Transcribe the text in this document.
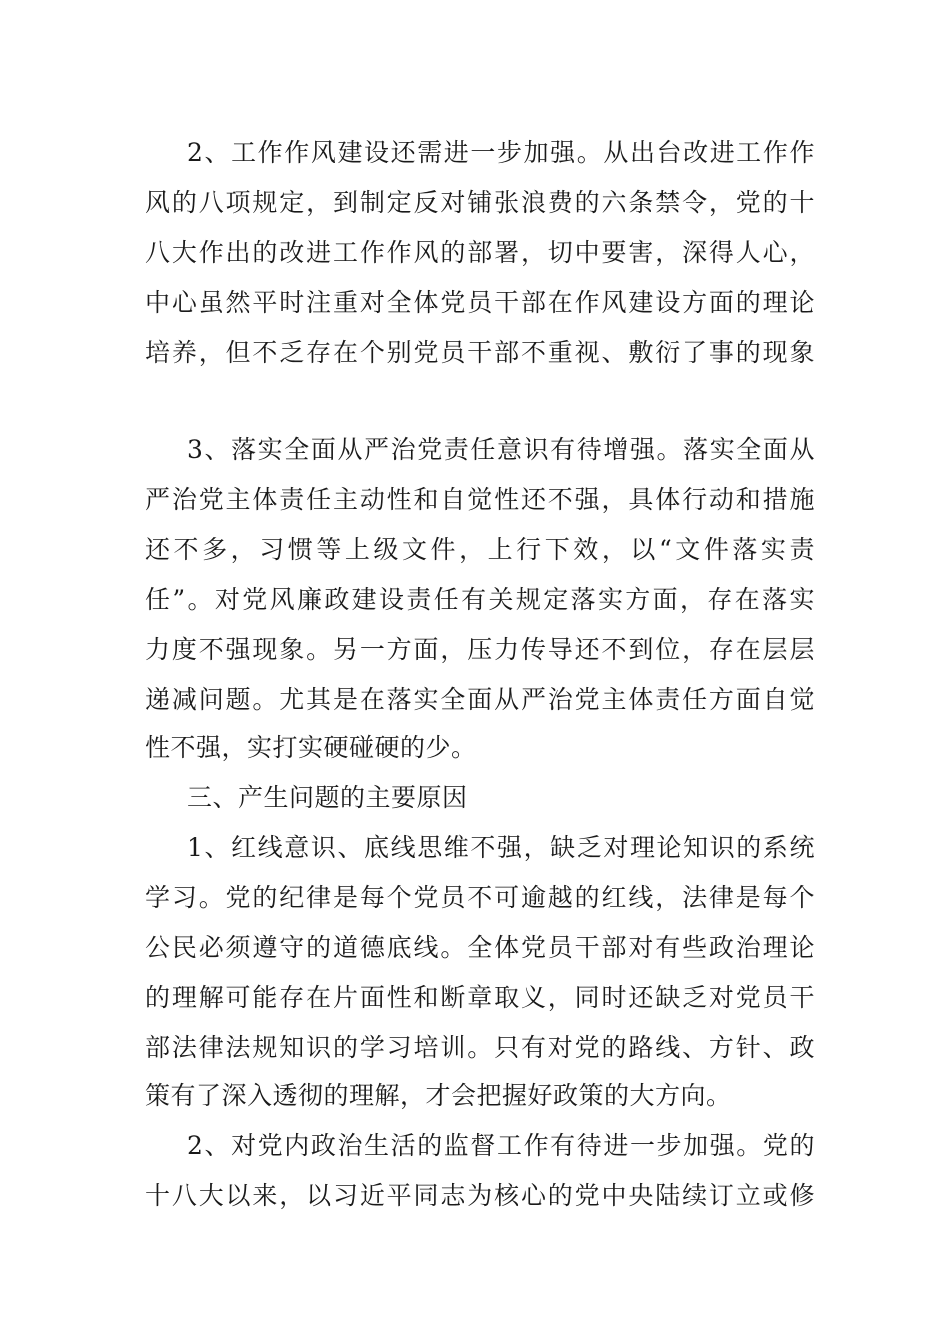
2、工作作风建设还需进一步加强。从出台改进工作作
风的八项规定，到制定反对铺张浪费的六条禁令，党的十
八大作出的改进工作作风的部署，切中要害，深得人心，
中心虽然平时注重对全体党员干部在作风建设方面的理论
培养，但不乏存在个别党员干部不重视、敷衍了事的现象
3、落实全面从严治党责任意识有待增强。落实全面从
严治党主体责任主动性和自觉性还不强，具体行动和措施
还不多，习惯等上级文件，上行下效，以“文件落实责
任”。对党风廉政建设责任有关规定落实方面，存在落实
力度不强现象。另一方面，压力传导还不到位，存在层层
递减问题。尤其是在落实全面从严治党主体责任方面自觉
性不强，实打实硬碰硬的少。
三、产生问题的主要原因
1、红线意识、底线思维不强，缺乏对理论知识的系统
学习。党的纪律是每个党员不可逾越的红线，法律是每个
公民必须遵守的道德底线。全体党员干部对有些政治理论
的理解可能存在片面性和断章取义，同时还缺乏对党员干
部法律法规知识的学习培训。只有对党的路线、方针、政
策有了深入透彻的理解，才会把握好政策的大方向。
2、对党内政治生活的监督工作有待进一步加强。党的
十八大以来，以习近平同志为核心的党中央陆续订立或修
